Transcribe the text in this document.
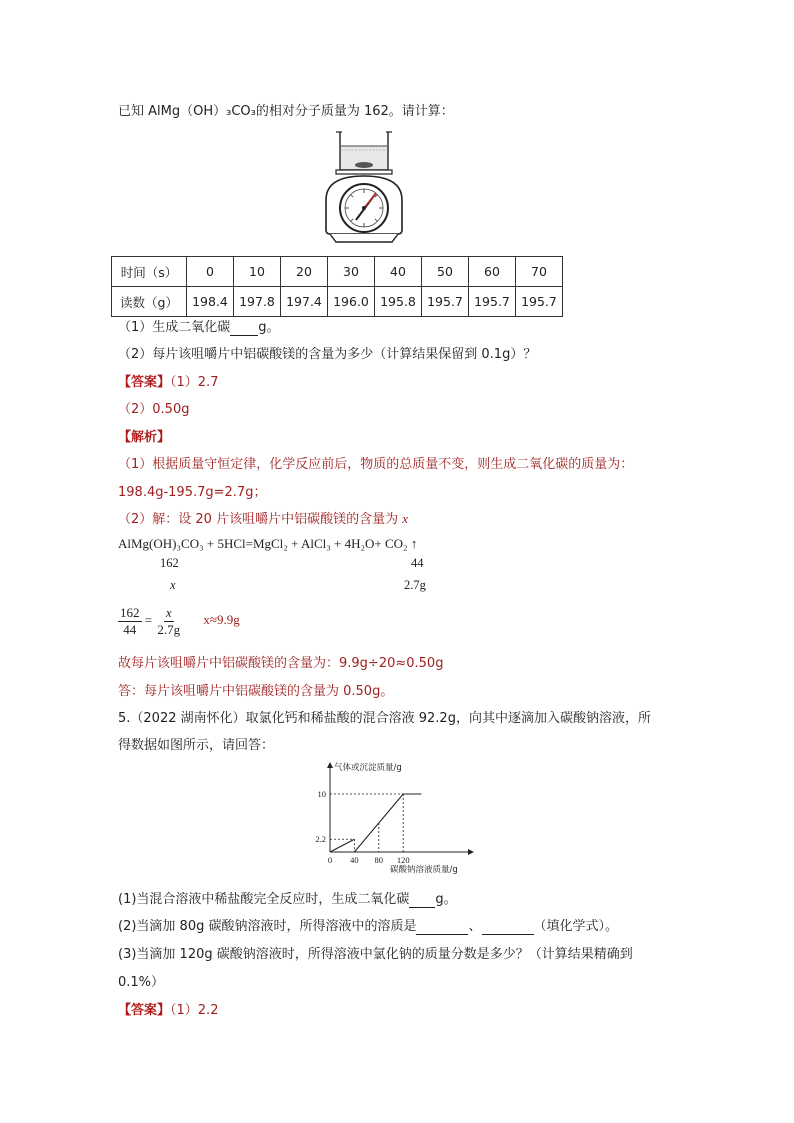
已知 AlMg（OH）₃CO₃的相对分子质量为 162。请计算：
时间（s）	0	10	20	30	40	50	60	70
读数（g）	198.4	197.8	197.4	196.0	195.8	195.7	195.7	195.7
（1）生成二氧化碳 g。
（2）每片该咀嚼片中铝碳酸镁的含量为多少（计算结果保留到 0.1g）？
【答案】（1）2.7
（2）0.50g
【解析】
（1）根据质量守恒定律，化学反应前后，物质的总质量不变，则生成二氧化碳的质量为：
198.4g-195.7g=2.7g；
（2）解：设 20 片该咀嚼片中铝碳酸镁的含量为 x
AlMg(OH)₃CO₃ + 5HCl=MgCl₂ + AlCl₃ + 4H₂O+ CO₂ ↑
162	44
x	2.7g
$\frac{162}{44} = \frac{x}{2.7g} x\approx 9.9g$
故每片该咀嚼片中铝碳酸镁的含量为：9.9g÷20≈0.50g
答：每片该咀嚼片中铝碳酸镁的含量为 0.50g。
5.（2022 湖南怀化）取氯化钙和稀盐酸的混合溶液 92.2g，向其中逐滴加入碳酸钠溶液，所
得数据如图所示，请回答：
气体或沉淀质量/g
碳酸钠溶液质量/g
0 40 80 120
2.2
10
(1)当混合溶液中稀盐酸完全反应时，生成二氧化碳 g。
(2)当滴加 80g 碳酸钠溶液时，所得溶液中的溶质是	、	（填化学式）。
(3)当滴加 120g 碳酸钠溶液时，所得溶液中氯化钠的质量分数是多少？（计算结果精确到
0.1%）
【答案】（1）2.2
